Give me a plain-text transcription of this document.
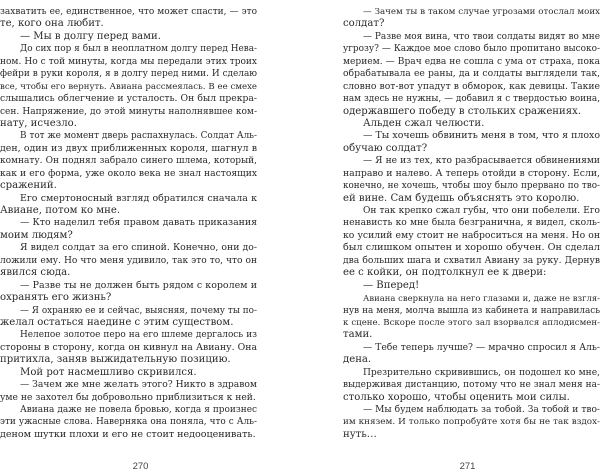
захватить ее, единственное, что может спасти, — это
те, кого она любит.
— Мы в долгу перед вами.
До сих пор я был в неоплатном долгу перед Нева-
ном. Но с той минуты, когда мы передали этих троих
фейри в руки короля, я в долгу перед ними. И сделаю
все, чтобы его вернуть. Авиана рассмеялась. В ее смехе
слышались облегчение и усталость. Он был прекра-
сен. Напряжение, до этой минуты наполнявшее ком-
нату, исчезло.
В тот же момент дверь распахнулась. Солдат Аль-
ден, один из двух приближенных короля, шагнул в
комнату. Он поднял забрало синего шлема, который,
как и его форма, уже около века не знал настоящих
сражений.
Его смертоносный взгляд обратился сначала к
Авиане, потом ко мне.
— Кто наделил тебя правом давать приказания
моим людям?
Я видел солдат за его спиной. Конечно, они до-
ложили ему. Но что меня удивило, так это то, что он
явился сюда.
— Разве ты не должен быть рядом с королем и
охранять его жизнь?
— Я охраняю ее и сейчас, выясняя, почему ты по-
желал остаться наедине с этим существом.
Нелепое золотое перо на его шлеме дергалось из
стороны в сторону, когда он кивнул на Авиану. Она
притихла, заняв выжидательную позицию.
Мой рот насмешливо скривился.
— Зачем же мне желать этого? Никто в здравом
уме не захотел бы добровольно приблизиться к ней.
Авиана даже не повела бровью, когда я произнес
эти ужасные слова. Наверняка она поняла, что с Аль-
деном шутки плохи и его не стоит недооценивать.
270
— Зачем ты в таком случае угрозами отослал моих
солдат?
— Разве моя вина, что твои солдаты видят во мне
угрозу? — Каждое мое слово было пропитано высоко-
мерием. — Врач едва не сошла с ума от страха, пока
обрабатывала ее раны, да и солдаты выглядели так,
словно вот-вот упадут в обморок, как девицы. Такие
нам здесь не нужны, — добавил я с твердостью воина,
одержавшего победу в стольких сражениях.
Альден сжал челюсти.
— Ты хочешь обвинить меня в том, что я плохо
обучаю солдат?
— Я не из тех, кто разбрасывается обвинениями
направо и налево. А теперь отойди в сторону. Если,
конечно, не хочешь, чтобы шоу было прервано по тво-
ей вине. Сам будешь объяснять это королю.
Он так крепко сжал губы, что они побелели. Его
ненависть ко мне была безгранична, я видел, сколь-
ко усилий ему стоит не наброситься на меня. Но он
был слишком опытен и хорошо обучен. Он сделал
два больших шага и схватил Авиану за руку. Дернув
ее с койки, он подтолкнул ее к двери:
— Вперед!
Авиана сверкнула на него глазами и, даже не взгля-
нув на меня, молча вышла из кабинета и направилась
к сцене. Вскоре после этого зал взорвался аплодисмен-
тами.
— Тебе теперь лучше? — мрачно спросил я Аль-
дена.
Презрительно скривившись, он подошел ко мне,
выдерживая дистанцию, потому что не знал меня на-
столько хорошо, чтобы оценить мои силы.
— Мы будем наблюдать за тобой. За тобой и тво-
им князем. И только попробуйте хотя бы не так вздох-
нуть…
271
